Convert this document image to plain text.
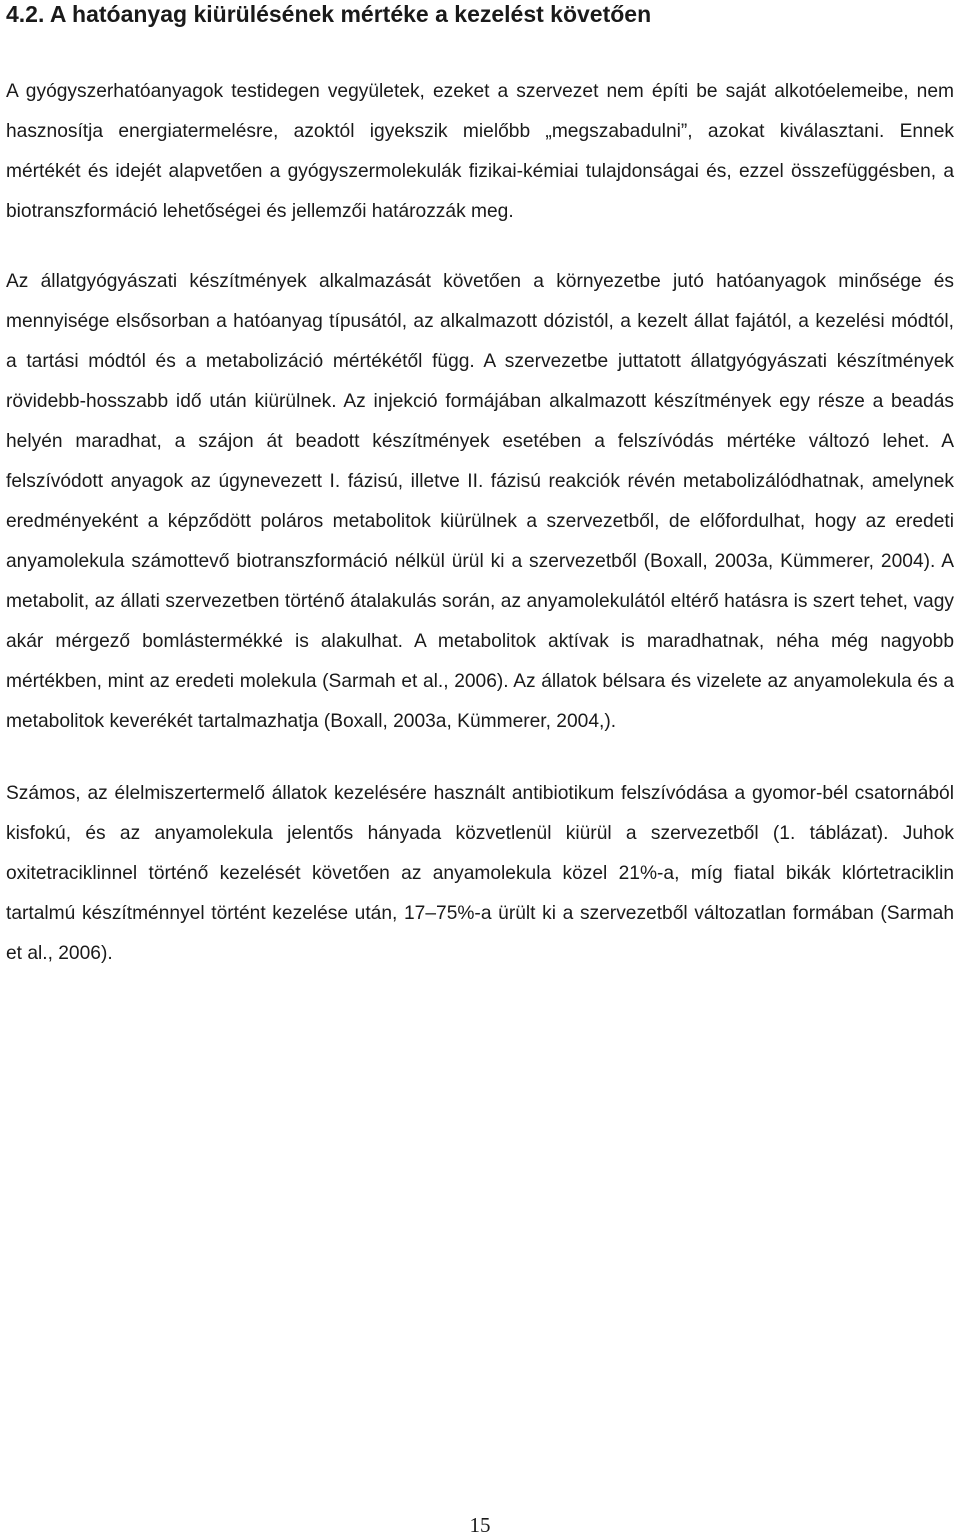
4.2. A hatóanyag kiürülésének mértéke a kezelést követően

A gyógyszerhatóanyagok testidegen vegyületek, ezeket a szervezet nem építi be saját alkotóelemeibe, nem hasznosítja energiatermelésre, azoktól igyekszik mielőbb „megszabadulni”, azokat kiválasztani. Ennek mértékét és idejét alapvetően a gyógyszermolekulák fizikai-kémiai tulajdonságai és, ezzel összefüggésben, a biotranszformáció lehetőségei és jellemzői határozzák meg.

Az állatgyógyászati készítmények alkalmazását követően a környezetbe jutó hatóanyagok minősége és mennyisége elsősorban a hatóanyag típusától, az alkalmazott dózistól, a kezelt állat fajától, a kezelési módtól, a tartási módtól és a metabolizáció mértékétől függ. A szervezetbe juttatott állatgyógyászati készítmények rövidebb-hosszabb idő után kiürülnek. Az injekció formájában alkalmazott készítmények egy része a beadás helyén maradhat, a szájon át beadott készítmények esetében a felszívódás mértéke változó lehet. A felszívódott anyagok az úgynevezett I. fázisú, illetve II. fázisú reakciók révén metabolizálódhatnak, amelynek eredményeként a képződött poláros metabolitok kiürülnek a szervezetből, de előfordulhat, hogy az eredeti anyamolekula számottevő biotranszformáció nélkül ürül ki a szervezetből (Boxall, 2003a, Kümmerer, 2004). A metabolit, az állati szervezetben történő átalakulás során, az anyamolekulától eltérő hatásra is szert tehet, vagy akár mérgező bomlástermékké is alakulhat. A metabolitok aktívak is maradhatnak, néha még nagyobb mértékben, mint az eredeti molekula (Sarmah et al., 2006). Az állatok bélsara és vizelete az anyamolekula és a metabolitok keverékét tartalmazhatja (Boxall, 2003a, Kümmerer, 2004,).

Számos, az élelmiszertermelő állatok kezelésére használt antibiotikum felszívódása a gyomor-bél csatornából kisfokú, és az anyamolekula jelentős hányada közvetlenül kiürül a szervezetből (1. táblázat). Juhok oxitetraciklinnel történő kezelését követően az anyamolekula közel 21%-a, míg fiatal bikák klórtetraciklin tartalmú készítménnyel történt kezelése után, 17–75%-a ürült ki a szervezetből változatlan formában (Sarmah et al., 2006).

15
